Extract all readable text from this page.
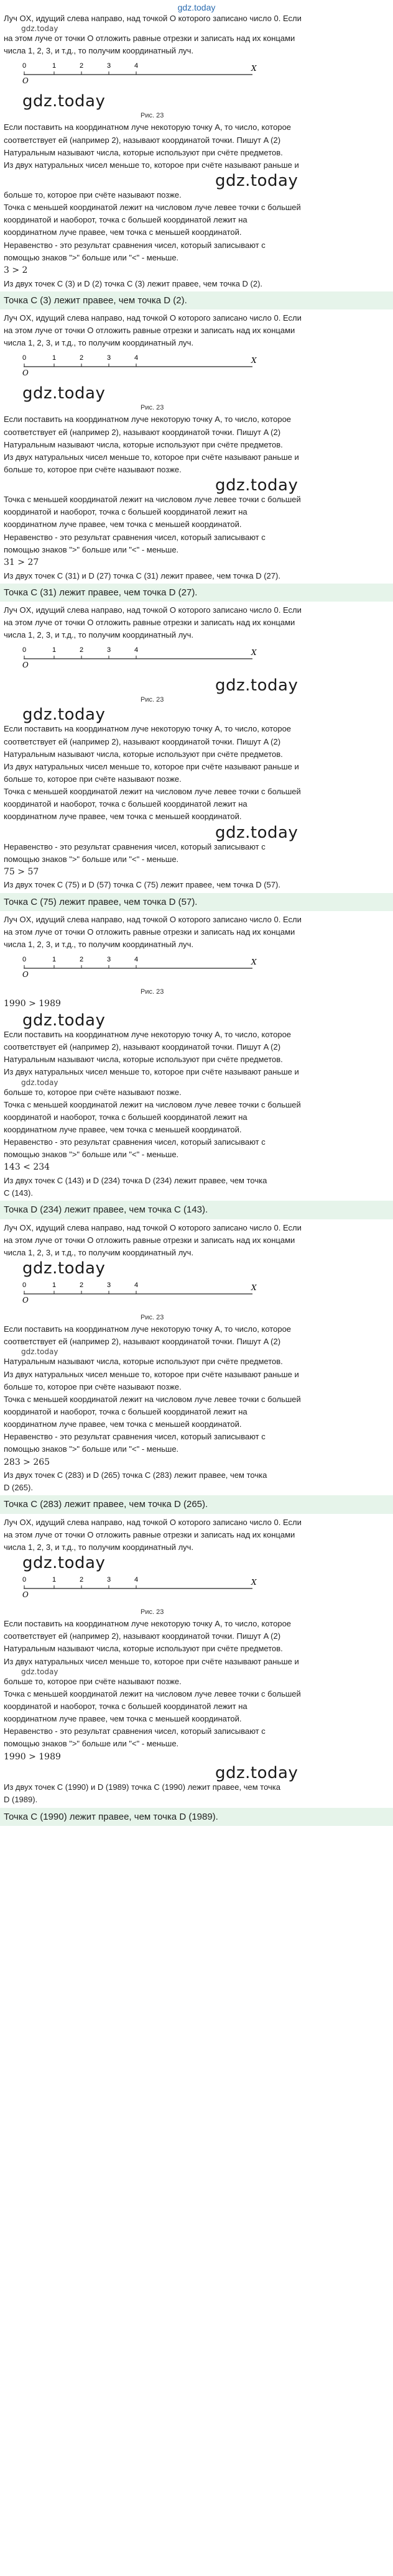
gdz.today

Луч OX, идущий слева направо, над точкой O которого записано число 0. Если

gdz.today

на этом луче от точки O отложить равные отрезки и записать над их концами

числа 1, 2, 3, и т.д., то получим координатный луч.

0	1	2	3	4
O
X
gdz.today
Рис. 23

Если поставить на координатном луче некоторую точку A, то число, которое

соответствует ей (например 2), называют координатой точки. Пишут A (2)

Натуральным называют числа, которые используют при счёте предметов.

Из двух натуральных чисел меньше то, которое при счёте называют раньше и

gdz.today

больше то, которое при счёте называют позже.

Точка с меньшей координатой лежит на числовом луче левее точки с большей

координатой и наоборот, точка с большей координатой лежит на

координатном луче правее, чем точка с меньшей координатой.

Неравенство - это результат сравнения чисел, который записывают с

помощью знаков ">" больше или "<" - меньше.

3 > 2

Из двух точек C (3) и D (2) точка C (3) лежит правее, чем точка D (2).

Точка C (3) лежит правее, чем точка D (2).

Луч OX, идущий слева направо, над точкой O которого записано число 0. Если

на этом луче от точки O отложить равные отрезки и записать над их концами

числа 1, 2, 3, и т.д., то получим координатный луч.

0	1	2	3	4
O
X
gdz.today
Рис. 23

Если поставить на координатном луче некоторую точку A, то число, которое

соответствует ей (например 2), называют координатой точки. Пишут A (2)

Натуральным называют числа, которые используют при счёте предметов.

Из двух натуральных чисел меньше то, которое при счёте называют раньше и

больше то, которое при счёте называют позже.

gdz.today

Точка с меньшей координатой лежит на числовом луче левее точки с большей

координатой и наоборот, точка с большей координатой лежит на

координатном луче правее, чем точка с меньшей координатой.

Неравенство - это результат сравнения чисел, который записывают с

помощью знаков ">" больше или "<" - меньше.

31 > 27

Из двух точек C (31) и D (27) точка C (31) лежит правее, чем точка D (27).

Точка C (31) лежит правее, чем точка D (27).

Луч OX, идущий слева направо, над точкой O которого записано число 0. Если

на этом луче от точки O отложить равные отрезки и записать над их концами

числа 1, 2, 3, и т.д., то получим координатный луч.

0	1	2	3	4
O
X
gdz.today
Рис. 23
gdz.today

Если поставить на координатном луче некоторую точку A, то число, которое

соответствует ей (например 2), называют координатой точки. Пишут A (2)

Натуральным называют числа, которые используют при счёте предметов.

Из двух натуральных чисел меньше то, которое при счёте называют раньше и

больше то, которое при счёте называют позже.

Точка с меньшей координатой лежит на числовом луче левее точки с большей

координатой и наоборот, точка с большей координатой лежит на

координатном луче правее, чем точка с меньшей координатой.

gdz.today

Неравенство - это результат сравнения чисел, который записывают с

помощью знаков ">" больше или "<" - меньше.

75 > 57

Из двух точек C (75) и D (57) точка C (75) лежит правее, чем точка D (57).

Точка C (75) лежит правее, чем точка D (57).

Луч OX, идущий слева направо, над точкой O которого записано число 0. Если

на этом луче от точки O отложить равные отрезки и записать над их концами

числа 1, 2, 3, и т.д., то получим координатный луч.

0	1	2	3	4
O
X
Рис. 23

1990 > 1989

gdz.today

Если поставить на координатном луче некоторую точку A, то число, которое

соответствует ей (например 2), называют координатой точки. Пишут A (2)

Натуральным называют числа, которые используют при счёте предметов.

Из двух натуральных чисел меньше то, которое при счёте называют раньше и

gdz.today

больше то, которое при счёте называют позже.

Точка с меньшей координатой лежит на числовом луче левее точки с большей

координатой и наоборот, точка с большей координатой лежит на

координатном луче правее, чем точка с меньшей координатой.

Неравенство - это результат сравнения чисел, который записывают с

помощью знаков ">" больше или "<" - меньше.

143 < 234

Из двух точек C (143) и D (234) точка D (234) лежит правее, чем точка

C (143).

Точка D (234) лежит правее, чем точка C (143).

Луч OX, идущий слева направо, над точкой O которого записано число 0. Если

на этом луче от точки O отложить равные отрезки и записать над их концами

числа 1, 2, 3, и т.д., то получим координатный луч.

gdz.today
0	1	2	3	4
O
X
Рис. 23

Если поставить на координатном луче некоторую точку A, то число, которое

соответствует ей (например 2), называют координатой точки. Пишут A (2)

gdz.today

Натуральным называют числа, которые используют при счёте предметов.

Из двух натуральных чисел меньше то, которое при счёте называют раньше и

больше то, которое при счёте называют позже.

Точка с меньшей координатой лежит на числовом луче левее точки с большей

координатой и наоборот, точка с большей координатой лежит на

координатном луче правее, чем точка с меньшей координатой.

Неравенство - это результат сравнения чисел, который записывают с

помощью знаков ">" больше или "<" - меньше.

283 > 265

Из двух точек C (283) и D (265) точка C (283) лежит правее, чем точка

D (265).

Точка C (283) лежит правее, чем точка D (265).

Луч OX, идущий слева направо, над точкой O которого записано число 0. Если

на этом луче от точки O отложить равные отрезки и записать над их концами

числа 1, 2, 3, и т.д., то получим координатный луч.

gdz.today
0	1	2	3	4
O
X
Рис. 23

Если поставить на координатном луче некоторую точку A, то число, которое

соответствует ей (например 2), называют координатой точки. Пишут A (2)

Натуральным называют числа, которые используют при счёте предметов.

Из двух натуральных чисел меньше то, которое при счёте называют раньше и

gdz.today

больше то, которое при счёте называют позже.

Точка с меньшей координатой лежит на числовом луче левее точки с большей

координатой и наоборот, точка с большей координатой лежит на

координатном луче правее, чем точка с меньшей координатой.

Неравенство - это результат сравнения чисел, который записывают с

помощью знаков ">" больше или "<" - меньше.

1990 > 1989

gdz.today

Из двух точек C (1990) и D (1989) точка C (1990) лежит правее, чем точка

D (1989).

Точка C (1990) лежит правее, чем точка D (1989).
